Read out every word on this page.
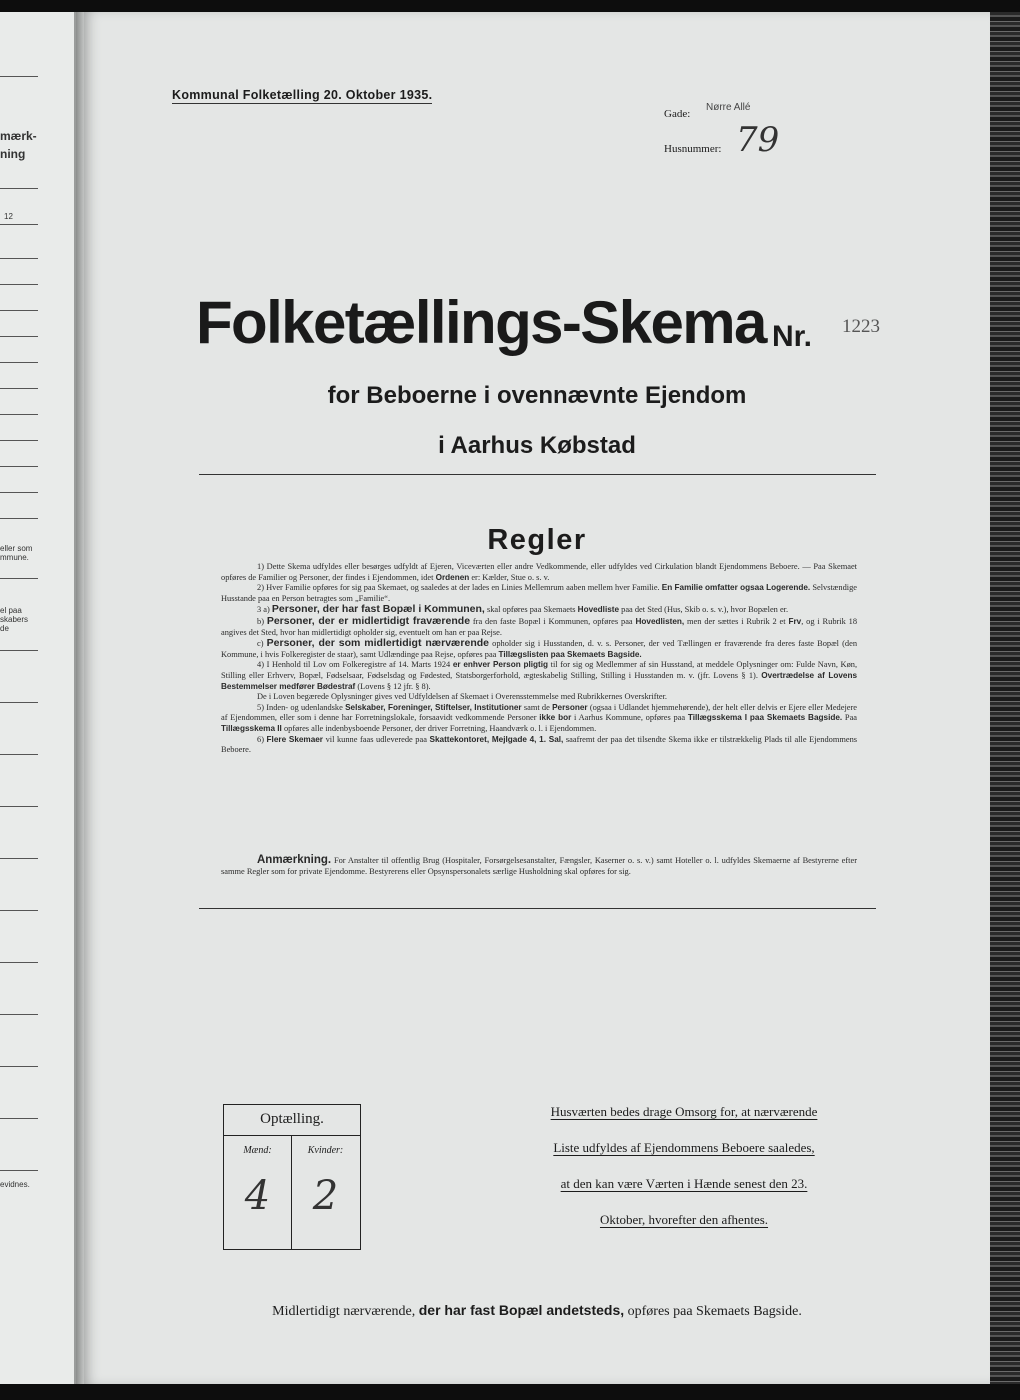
mærk-
ning
12
eller som
mmune.
el paa
skabers
de
evidnes.
Kommunal Folketælling 20. Oktober 1935.
Gade:
Nørre Allé
Husnummer: 79
Folketællings-Skema Nr. 1223
for Beboerne i ovennævnte Ejendom
i Aarhus Købstad
Regler

1) Dette Skema udfyldes eller besørges udfyldt af Ejeren, Viceværten eller andre Vedkommende, eller udfyldes ved Cirkulation blandt Ejendommens Beboere. — Paa Skemaet opføres de Familier og Personer, der findes i Ejendommen, idet Ordenen er: Kælder, Stue o. s. v.

2) Hver Familie opføres for sig paa Skemaet, og saaledes at der lades en Linies Mellemrum aaben mellem hver Familie. En Familie omfatter ogsaa Logerende. Selvstændige Husstande paa en Person betragtes som „Familie“.

3 a) Personer, der har fast Bopæl i Kommunen, skal opføres paa Skemaets Hovedliste paa det Sted (Hus, Skib o. s. v.), hvor Bopælen er.

b) Personer, der er midlertidigt fraværende fra den faste Bopæl i Kommunen, opføres paa Hovedlisten, men der sættes i Rubrik 2 et Frv, og i Rubrik 18 angives det Sted, hvor han midlertidigt opholder sig, eventuelt om han er paa Rejse.

c) Personer, der som midlertidigt nærværende opholder sig i Husstanden, d. v. s. Personer, der ved Tællingen er fraværende fra deres faste Bopæl (den Kommune, i hvis Folkeregister de staar), samt Udlændinge paa Rejse, opføres paa Tillægslisten paa Skemaets Bagside.

4) I Henhold til Lov om Folkeregistre af 14. Marts 1924 er enhver Person pligtig til for sig og Medlemmer af sin Husstand, at meddele Oplysninger om: Fulde Navn, Køn, Stilling eller Erhverv, Bopæl, Fødselsaar, Fødselsdag og Fødested, Statsborgerforhold, ægteskabelig Stilling, Stilling i Husstanden m. v. (jfr. Lovens § 1). Overtrædelse af Lovens Bestemmelser medfører Bødestraf (Lovens § 12 jfr. § 8).

De i Loven begærede Oplysninger gives ved Udfyldelsen af Skemaet i Overensstemmelse med Rubrikkernes Overskrifter.

5) Inden- og udenlandske Selskaber, Foreninger, Stiftelser, Institutioner samt de Personer (ogsaa i Udlandet hjemmehørende), der helt eller delvis er Ejere eller Medejere af Ejendommen, eller som i denne har Forretningslokale, forsaavidt vedkommende Personer ikke bor i Aarhus Kommune, opføres paa Tillægsskema I paa Skemaets Bagside. Paa Tillægsskema II opføres alle indenbysboende Personer, der driver Forretning, Haandværk o. l. i Ejendommen.

6) Flere Skemaer vil kunne faas udleverede paa Skattekontoret, Mejlgade 4, 1. Sal, saafremt der paa det tilsendte Skema ikke er tilstrækkelig Plads til alle Ejendommens Beboere.

Anmærkning. For Anstalter til offentlig Brug (Hospitaler, Forsørgelsesanstalter, Fængsler, Kaserner o. s. v.) samt Hoteller o. l. udfyldes Skemaerne af Bestyrerne efter samme Regler som for private Ejendomme. Bestyrerens eller Opsynspersonalets særlige Husholdning skal opføres for sig.
Optælling.
Mænd:	Kvinder:
4	2
Husværten bedes drage Omsorg for, at nærværende
Liste udfyldes af Ejendommens Beboere saaledes,
at den kan være Værten i Hænde senest den 23.
Oktober, hvorefter den afhentes.
Midlertidigt nærværende, der har fast Bopæl andetsteds, opføres paa Skemaets Bagside.
